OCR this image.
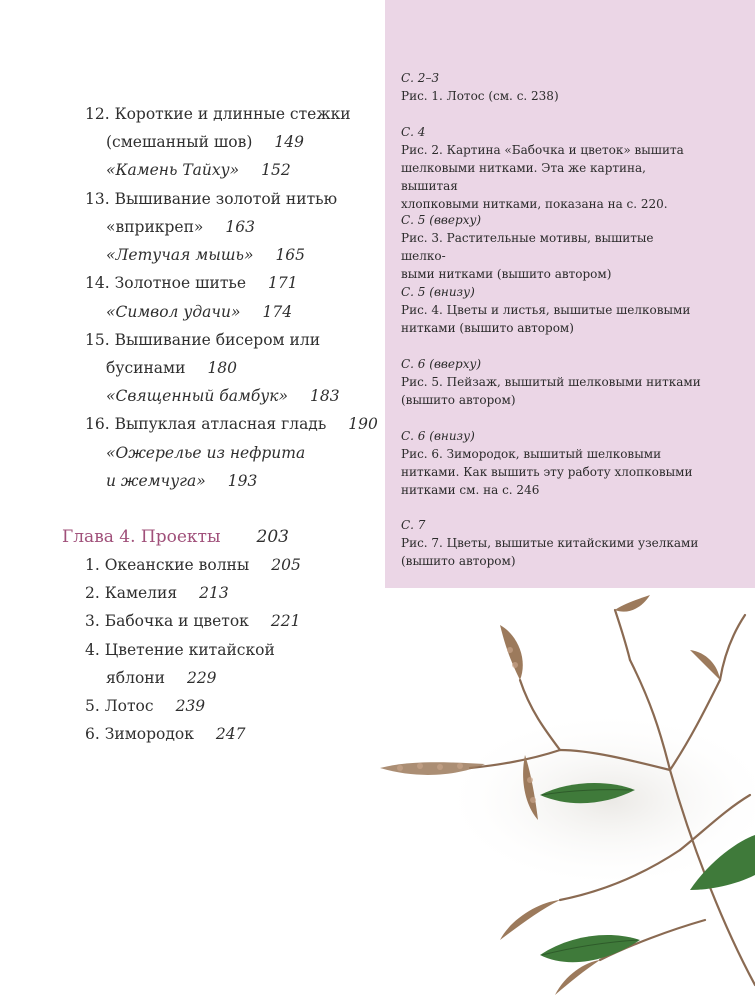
12. Короткие и длинные стежки
(смешанный шов) 149
«Камень Тайху» 152
13. Вышивание золотой нитью
«вприкреп» 163
«Летучая мышь» 165
14. Золотное шитье 171
«Символ удачи» 174
15. Вышивание бисером или
бусинами 180
«Священный бамбук» 183
16. Выпуклая атласная гладь 190
«Ожерелье из нефрита
и жемчуга» 193
Глава 4. Проекты 203
1. Океанские волны 205
2. Камелия 213
3. Бабочка и цветок 221
4. Цветение китайской
яблони 229
5. Лотос 239
6. Зимородок 247
С. 2–3
Рис. 1. Лотос (см. с. 238)
С. 4
Рис. 2. Картина «Бабочка и цветок» вышита
шелковыми нитками. Эта же картина, вышитая
хлопковыми нитками, показана на с. 220.
С. 5 (вверху)
Рис. 3. Растительные мотивы, вышитые шелко-
выми нитками (вышито автором)
С. 5 (внизу)
Рис. 4. Цветы и листья, вышитые шелковыми
нитками (вышито автором)
С. 6 (вверху)
Рис. 5. Пейзаж, вышитый шелковыми нитками
(вышито автором)
С. 6 (внизу)
Рис. 6. Зимородок, вышитый шелковыми
нитками. Как вышить эту работу хлопковыми
нитками см. на с. 246
С. 7
Рис. 7. Цветы, вышитые китайскими узелками
(вышито автором)
